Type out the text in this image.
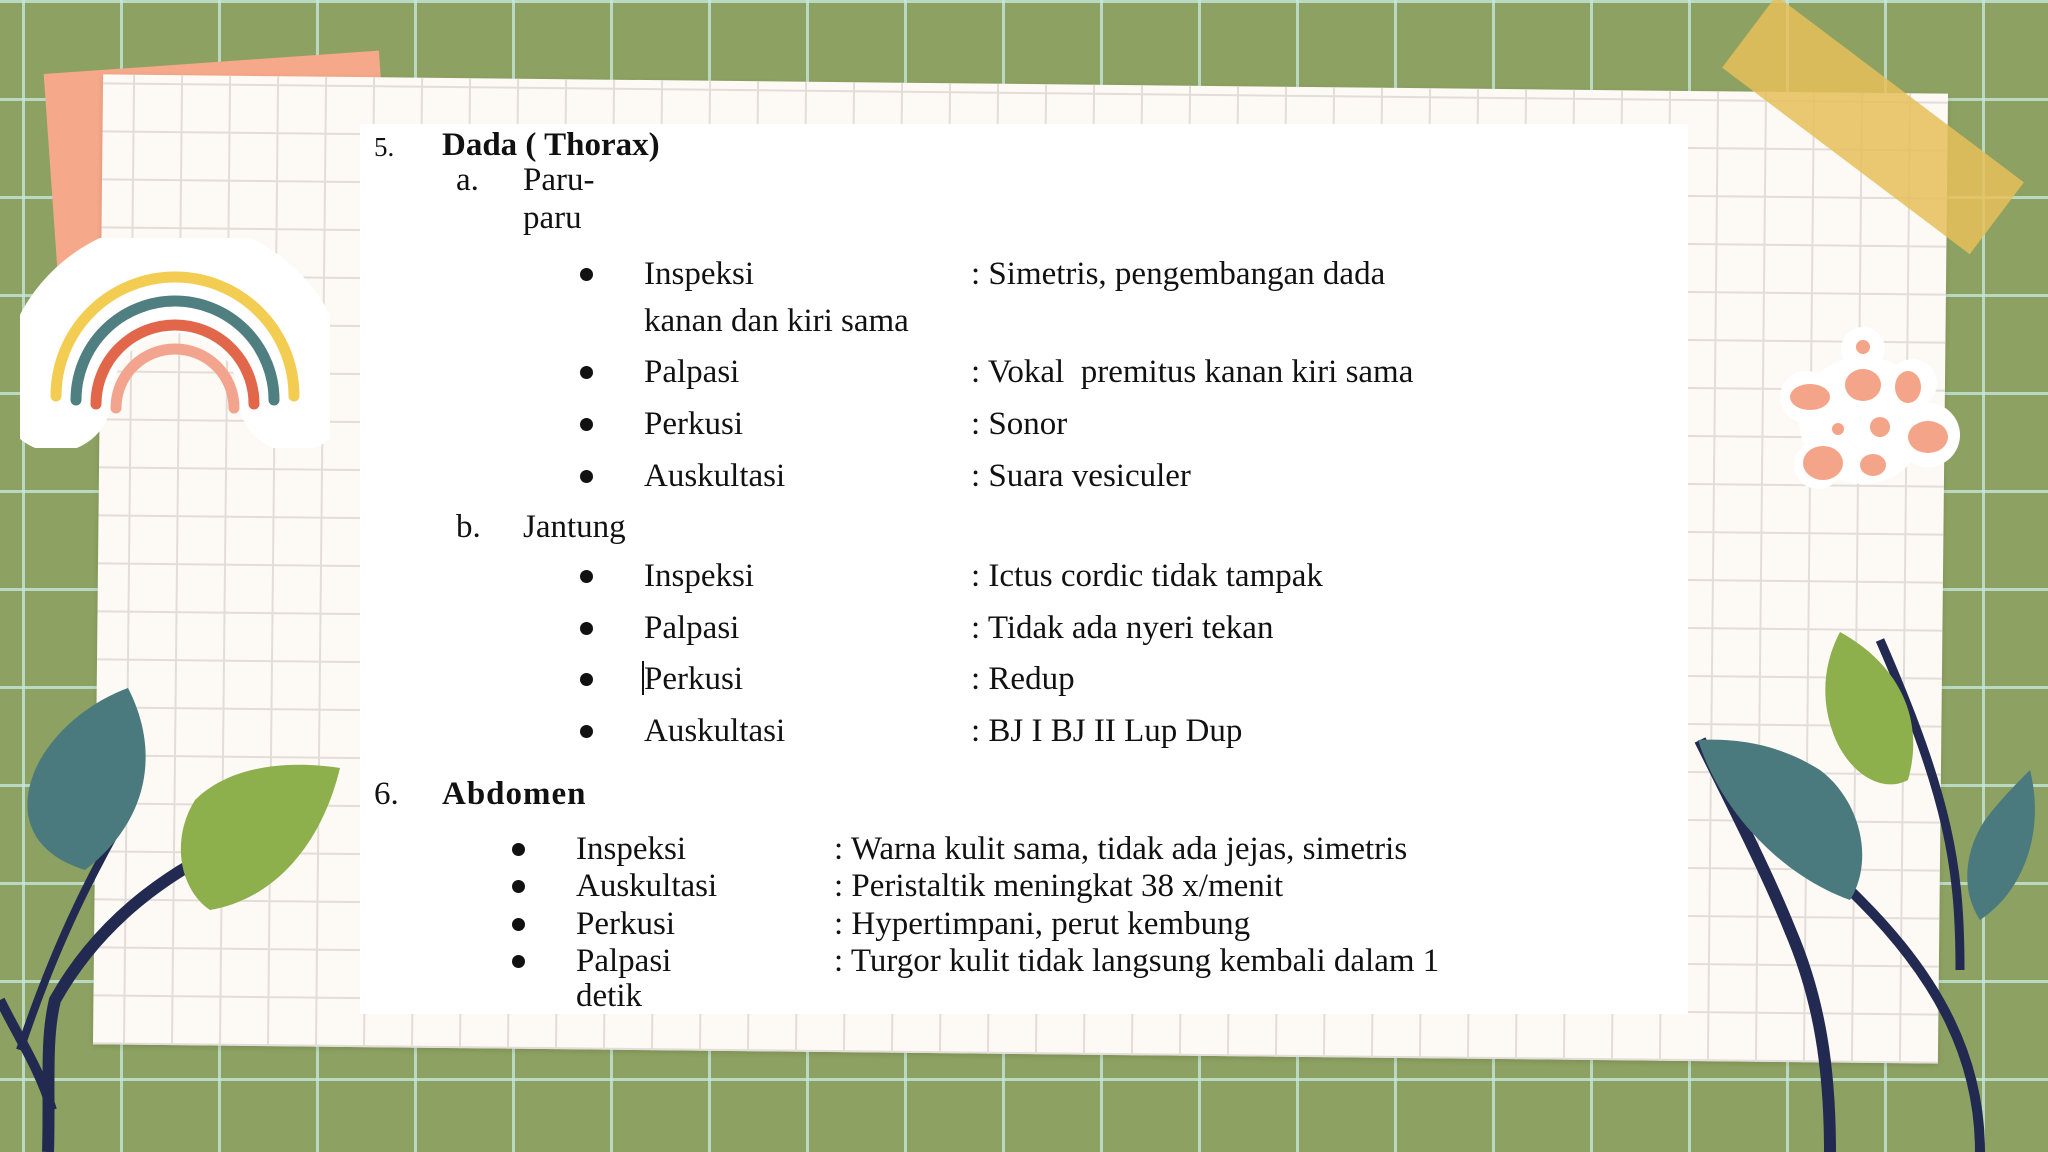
5. Dada ( Thorax)
a. Paru-
paru
Inspeksi	: Simetris, pengembangan dada
kanan dan kiri sama
Palpasi	: Vokal  premitus kanan kiri sama
Perkusi	: Sonor
Auskultasi	: Suara vesiculer
b. Jantung
Inspeksi	: Ictus cordic tidak tampak
Palpasi	: Tidak ada nyeri tekan
Perkusi	: Redup
Auskultasi	: BJ I BJ II Lup Dup
6. Abdomen
Inspeksi	: Warna kulit sama, tidak ada jejas, simetris
Auskultasi	: Peristaltik meningkat 38 x/menit
Perkusi	: Hypertimpani, perut kembung
Palpasi	: Turgor kulit tidak langsung kembali dalam 1
detik
